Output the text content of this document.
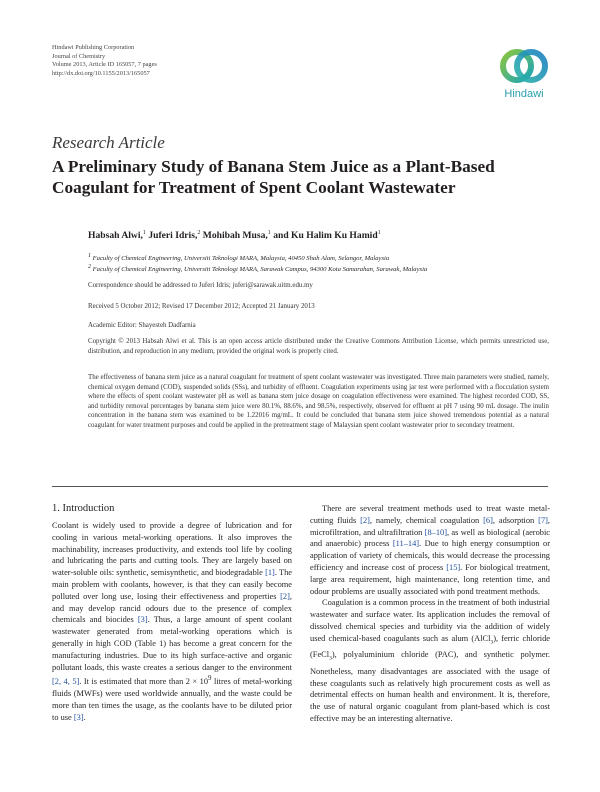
Hindawi Publishing Corporation
Journal of Chemistry
Volume 2013, Article ID 165057, 7 pages
http://dx.doi.org/10.1155/2013/165057
Hindawi
Research Article
A Preliminary Study of Banana Stem Juice as a Plant-Based
Coagulant for Treatment of Spent Coolant Wastewater
Habsah Alwi,$^1$ Juferi Idris,$^2$ Mohibah Musa,$^1$ and Ku Halim Ku Hamid$^1$
$^1$ Faculty of Chemical Engineering, Universiti Teknologi MARA, Malaysia, 40450 Shah Alam, Selangor, Malaysia
$^2$ Faculty of Chemical Engineering, Universiti Teknologi MARA, Sarawak Campus, 94300 Kota Samarahan, Sarawak, Malaysia
Correspondence should be addressed to Juferi Idris; juferi@sarawak.uitm.edu.my
Received 5 October 2012; Revised 17 December 2012; Accepted 21 January 2013
Academic Editor: Shayesteh Dadfarnia
Copyright © 2013 Habsah Alwi et al. This is an open access article distributed under the Creative Commons Attribution License, which permits unrestricted use, distribution, and reproduction in any medium, provided the original work is properly cited.
The effectiveness of banana stem juice as a natural coagulant for treatment of spent coolant wastewater was investigated. Three main parameters were studied, namely, chemical oxygen demand (COD), suspended solids (SSs), and turbidity of effluent. Coagulation experiments using jar test were performed with a flocculation system where the effects of spent coolant wastewater pH as well as banana stem juice dosage on coagulation effectiveness were examined. The highest recorded COD, SS, and turbidity removal percentages by banana stem juice were 80.1%, 88.6%, and 98.5%, respectively, observed for effluent at pH 7 using 90 mL dosage. The inulin concentration in the banana stem was examined to be 1.22016 mg/mL. It could be concluded that banana stem juice showed tremendous potential as a natural coagulant for water treatment purposes and could be applied in the pretreatment stage of Malaysian spent coolant wastewater prior to secondary treatment.
1. Introduction

Coolant is widely used to provide a degree of lubrication and for cooling in various metal-working operations. It also improves the machinability, increases productivity, and extends tool life by cooling and lubricating the parts and cutting tools. They are largely based on water-soluble oils: synthetic, semisynthetic, and biodegradable [1]. The main problem with coolants, however, is that they can easily become polluted over long use, losing their effectiveness and properties [2], and may develop rancid odours due to the presence of complex chemicals and biocides [3]. Thus, a large amount of spent coolant wastewater generated from metal-working operations which is generally in high COD (Table 1) has become a great concern for the manufacturing industries. Due to its high surface-active and organic pollutant loads, this waste creates a serious danger to the environment [2, 4, 5]. It is estimated that more than $2 \times 10^9$ litres of metal-working fluids (MWFs) were used worldwide annually, and the waste could be more than ten times the usage, as the coolants have to be diluted prior to use [3].

There are several treatment methods used to treat waste metal-cutting fluids [2], namely, chemical coagulation [6], adsorption [7], microfiltration, and ultrafiltration [8–10], as well as biological (aerobic and anaerobic) process [11–14]. Due to high energy consumption or application of variety of chemicals, this would decrease the processing efficiency and increase cost of process [15]. For biological treatment, large area requirement, high maintenance, long retention time, and odour problems are usually associated with pond treatment methods.

Coagulation is a common process in the treatment of both industrial wastewater and surface water. Its application includes the removal of dissolved chemical species and turbidity via the addition of widely used chemical-based coagulants such as alum (AlCl$_3$), ferric chloride (FeCl$_3$), polyaluminium chloride (PAC), and synthetic polymer. Nonetheless, many disadvantages are associated with the usage of these coagulants such as relatively high procurement costs as well as detrimental effects on human health and environment. It is, therefore, the use of natural organic coagulant from plant-based which is cost effective may be an interesting alternative.
